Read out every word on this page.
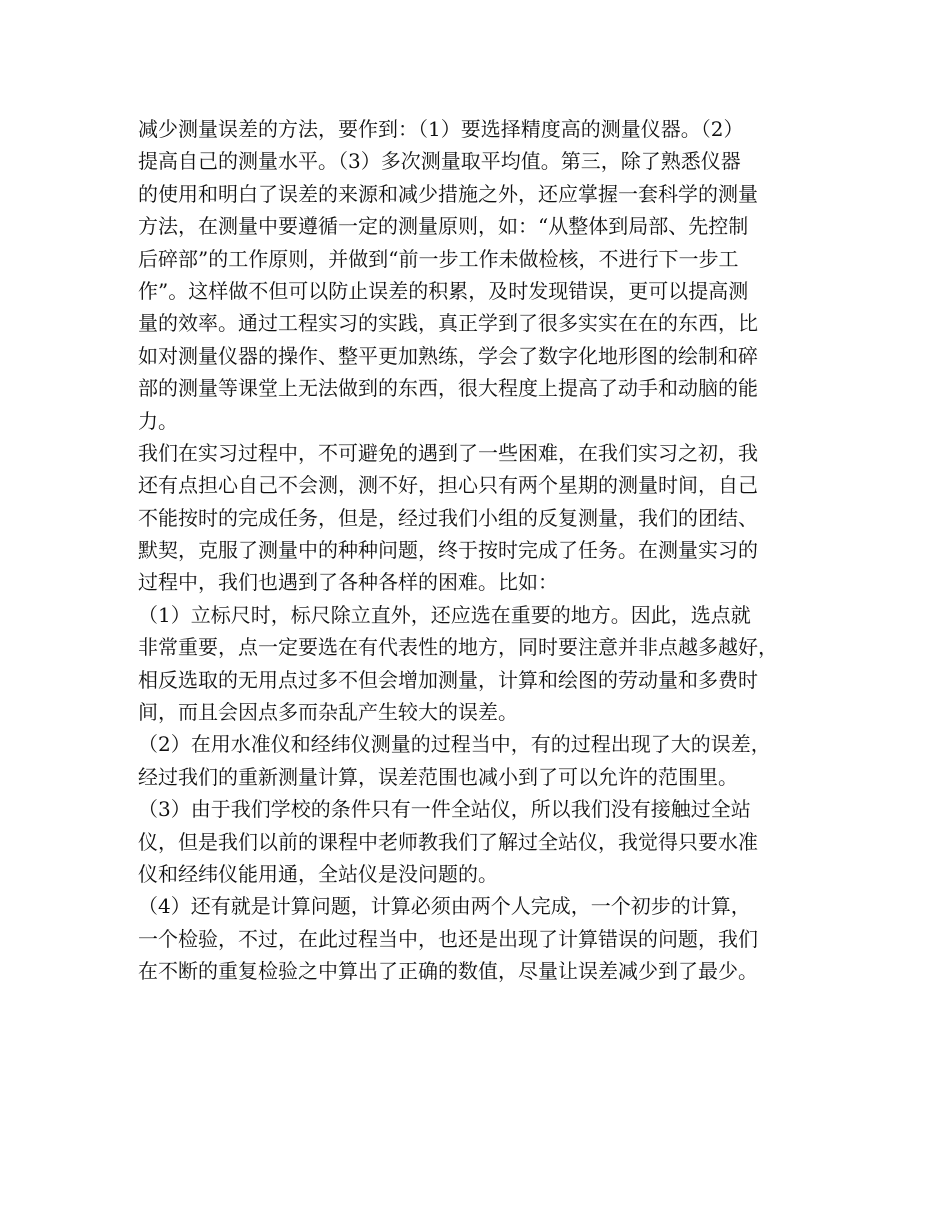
减少测量误差的方法，要作到：（1）要选择精度高的测量仪器。（2）
提高自己的测量水平。（3）多次测量取平均值。第三，除了熟悉仪器
的使用和明白了误差的来源和减少措施之外，还应掌握一套科学的测量
方法，在测量中要遵循一定的测量原则，如：“从整体到局部、先控制
后碎部”的工作原则，并做到“前一步工作未做检核，不进行下一步工
作”。这样做不但可以防止误差的积累，及时发现错误，更可以提高测
量的效率。通过工程实习的实践，真正学到了很多实实在在的东西，比
如对测量仪器的操作、整平更加熟练，学会了数字化地形图的绘制和碎
部的测量等课堂上无法做到的东西，很大程度上提高了动手和动脑的能
力。
我们在实习过程中，不可避免的遇到了一些困难，在我们实习之初，我
还有点担心自己不会测，测不好，担心只有两个星期的测量时间，自己
不能按时的完成任务，但是，经过我们小组的反复测量，我们的团结、
默契，克服了测量中的种种问题，终于按时完成了任务。在测量实习的
过程中，我们也遇到了各种各样的困难。比如：
（1）立标尺时，标尺除立直外，还应选在重要的地方。因此，选点就
非常重要，点一定要选在有代表性的地方，同时要注意并非点越多越好，
相反选取的无用点过多不但会增加测量，计算和绘图的劳动量和多费时
间，而且会因点多而杂乱产生较大的误差。
（2）在用水准仪和经纬仪测量的过程当中，有的过程出现了大的误差，
经过我们的重新测量计算，误差范围也减小到了可以允许的范围里。
（3）由于我们学校的条件只有一件全站仪，所以我们没有接触过全站
仪，但是我们以前的课程中老师教我们了解过全站仪，我觉得只要水准
仪和经纬仪能用通，全站仪是没问题的。
（4）还有就是计算问题，计算必须由两个人完成，一个初步的计算，
一个检验，不过，在此过程当中，也还是出现了计算错误的问题，我们
在不断的重复检验之中算出了正确的数值，尽量让误差减少到了最少。
